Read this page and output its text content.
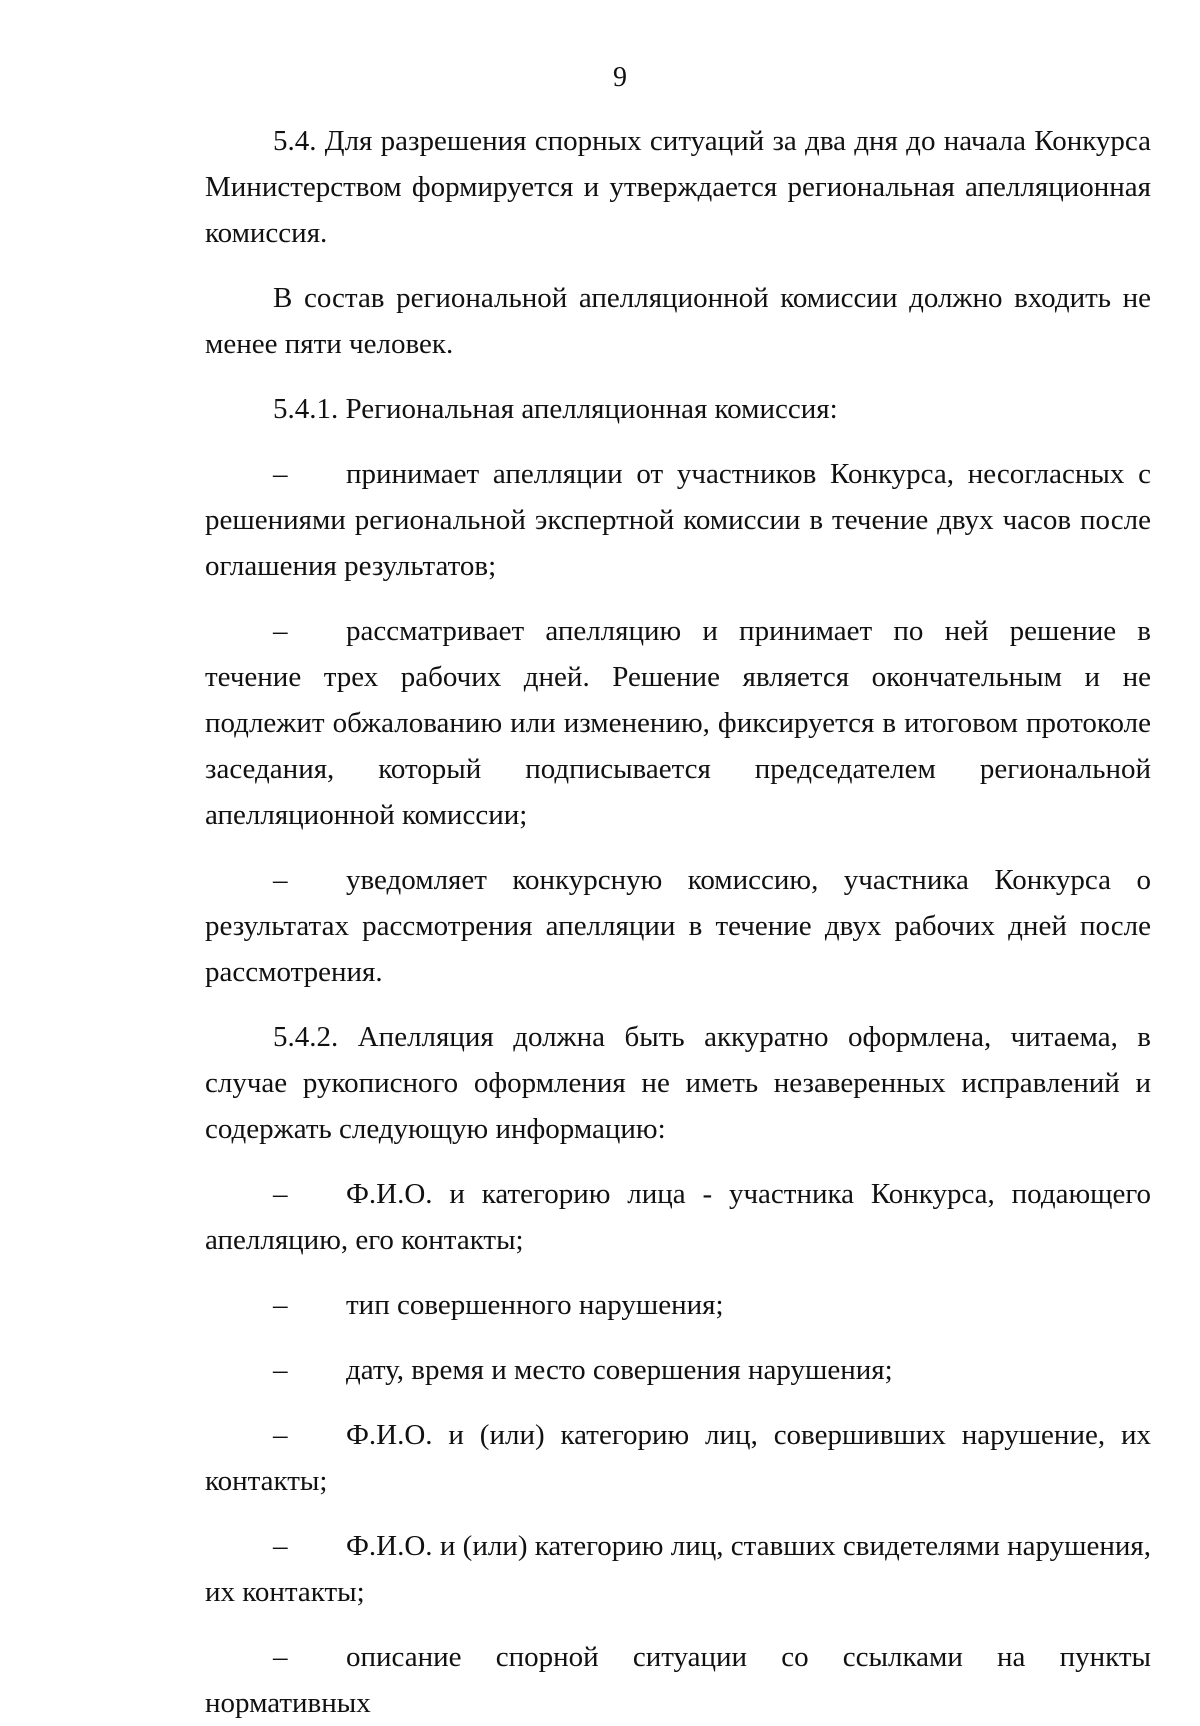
9

5.4. Для разрешения спорных ситуаций за два дня до начала Конкурса Министерством формируется и утверждается региональная апелляционная комиссия.

В состав региональной апелляционной комиссии должно входить не менее пяти человек.

5.4.1. Региональная апелляционная комиссия:

– принимает апелляции от участников Конкурса, несогласных с решениями региональной экспертной комиссии в течение двух часов после оглашения результатов;
– рассматривает апелляцию и принимает по ней решение в течение трех рабочих дней. Решение является окончательным и не подлежит обжалованию или изменению, фиксируется в итоговом протоколе заседания, который подписывается председателем региональной апелляционной комиссии;
– уведомляет конкурсную комиссию, участника Конкурса о результатах рассмотрения апелляции в течение двух рабочих дней после рассмотрения.

5.4.2. Апелляция должна быть аккуратно оформлена, читаема, в случае рукописного оформления не иметь незаверенных исправлений и содержать следующую информацию:

– Ф.И.О. и категорию лица - участника Конкурса, подающего апелляцию, его контакты;
– тип совершенного нарушения;
– дату, время и место совершения нарушения;
– Ф.И.О. и (или) категорию лиц, совершивших нарушение, их контакты;
– Ф.И.О. и (или) категорию лиц, ставших свидетелями нарушения, их контакты;
– описание спорной ситуации со ссылками на пункты нормативных
